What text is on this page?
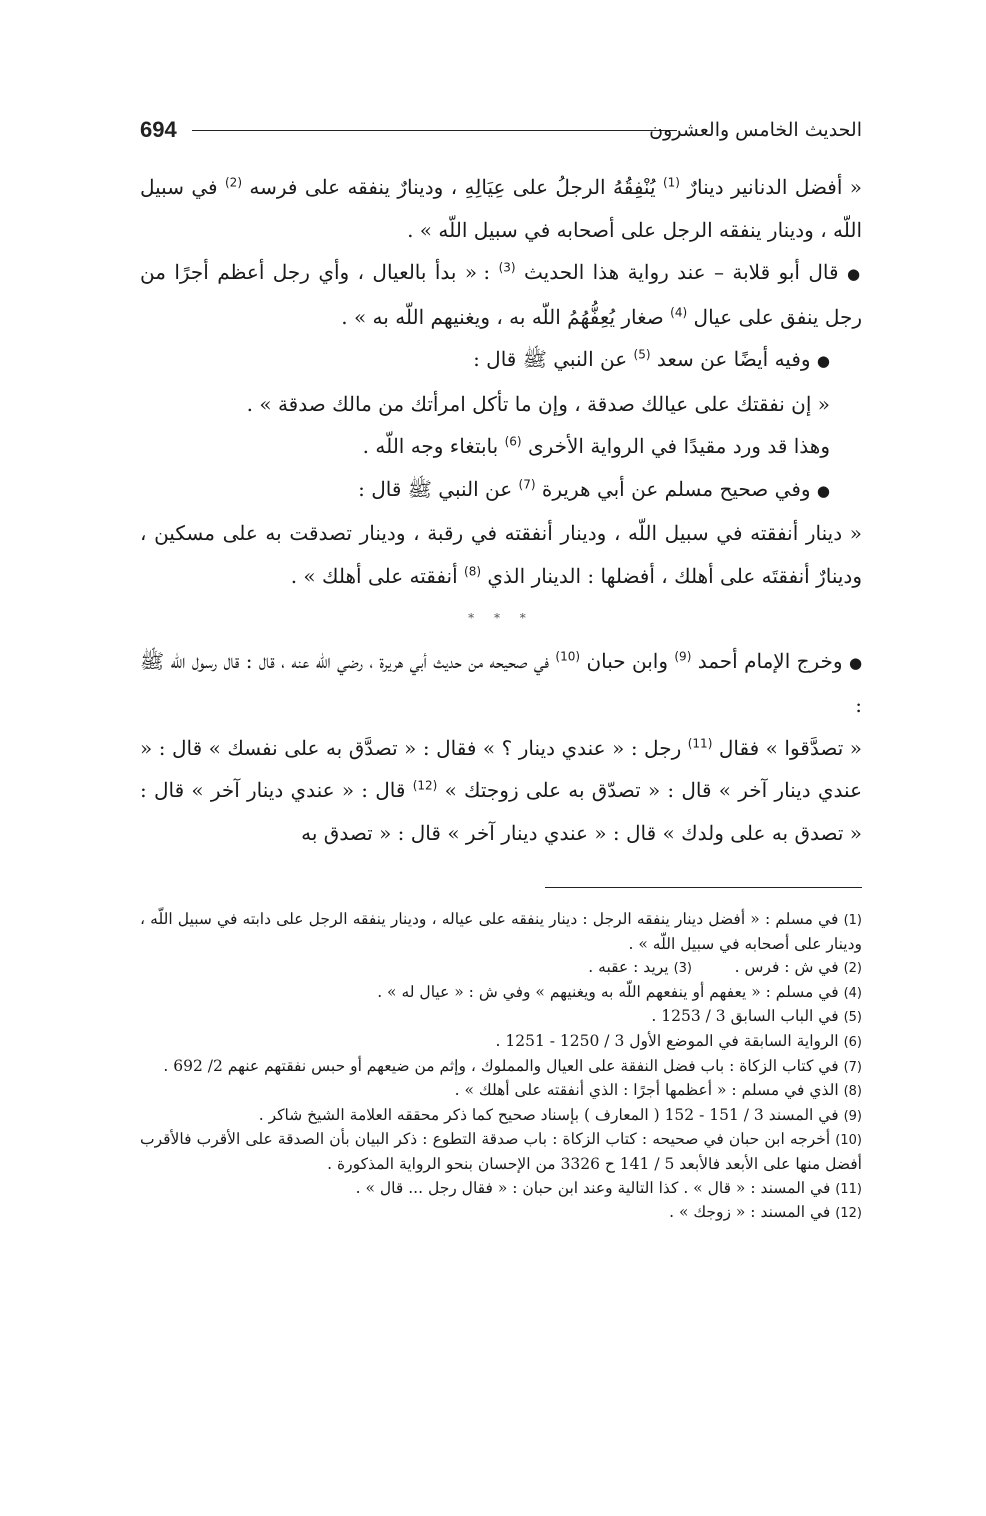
694	الحديث الخامس والعشرون

« أفضل الدنانير دينارٌ $^{(1)}$ يُنْفِقُهُ الرجلُ على عِيَالِهِ ، ودينارٌ ينفقه على فرسه $^{(2)}$ في سبيل اللّه ، ودينار ينفقه الرجل على أصحابه في سبيل اللّه » .

● قال أبو قلابة – عند رواية هذا الحديث $^{(3)}$ : « بدأ بالعيال ، وأي رجل أعظم أجرًا من رجل ينفق على عيال $^{(4)}$ صغار يُعِفُّهُمُ اللّه به ، ويغنيهم اللّه به » .

● وفيه أيضًا عن سعد $^{(5)}$ عن النبي ﷺ قال :

« إن نفقتك على عيالك صدقة ، وإن ما تأكل امرأتك من مالك صدقة » .

وهذا قد ورد مقيدًا في الرواية الأخرى $^{(6)}$ بابتغاء وجه اللّه .

● وفي صحيح مسلم عن أبي هريرة $^{(7)}$ عن النبي ﷺ قال :

« دينار أنفقته في سبيل اللّه ، ودينار أنفقته في رقبة ، ودينار تصدقت به على مسكين ، ودينارٌ أنفقتَه على أهلك ، أفضلها : الدينار الذي $^{(8)}$ أنفقته على أهلك » .

* * *

● وخرج الإمام أحمد $^{(9)}$ وابن حبان $^{(10)}$ في صحيحه من حديث أبي هريرة ، رضي اللّه عنه ، قال : قال رسول اللّه ﷺ :

« تصدَّقوا » فقال $^{(11)}$ رجل : « عندي دينار ؟ » فقال : « تصدَّق به على نفسك » قال : « عندي دينار آخر » قال : « تصدّق به على زوجتك » $^{(12)}$ قال : « عندي دينار آخر » قال : « تصدق به على ولدك » قال : « عندي دينار آخر » قال : « تصدق به

(1) في مسلم : « أفضل دينار ينفقه الرجل : دينار ينفقه على عياله ، ودينار ينفقه الرجل على دابته في سبيل اللّه ، ودينار على أصحابه في سبيل اللّه » .

(2) في ش : فرس .

(3) يريد : عقبه .

(4) في مسلم : « يعفهم أو ينفعهم اللّه به ويغنيهم » وفي ش : « عيال له » .

(5) في الباب السابق 3 / 1253 .

(6) الرواية السابقة في الموضع الأول 3 / 1250 - 1251 .

(7) في كتاب الزكاة : باب فضل النفقة على العيال والمملوك ، وإثم من ضيعهم أو حبس نفقتهم عنهم 2/ 692 .

(8) الذي في مسلم : « أعظمها أجرًا : الذي أنفقته على أهلك » .

(9) في المسند 3 / 151 - 152 ( المعارف ) بإسناد صحيح كما ذكر محققه العلامة الشيخ شاكر .

(10) أخرجه ابن حبان في صحيحه : كتاب الزكاة : باب صدقة التطوع : ذكر البيان بأن الصدقة على الأقرب فالأقرب أفضل منها على الأبعد فالأبعد 5 / 141 ح 3326 من الإحسان بنحو الرواية المذكورة .

(11) في المسند : « قال » . كذا التالية وعند ابن حبان : « فقال رجل ... قال » .

(12) في المسند : « زوجك » .
